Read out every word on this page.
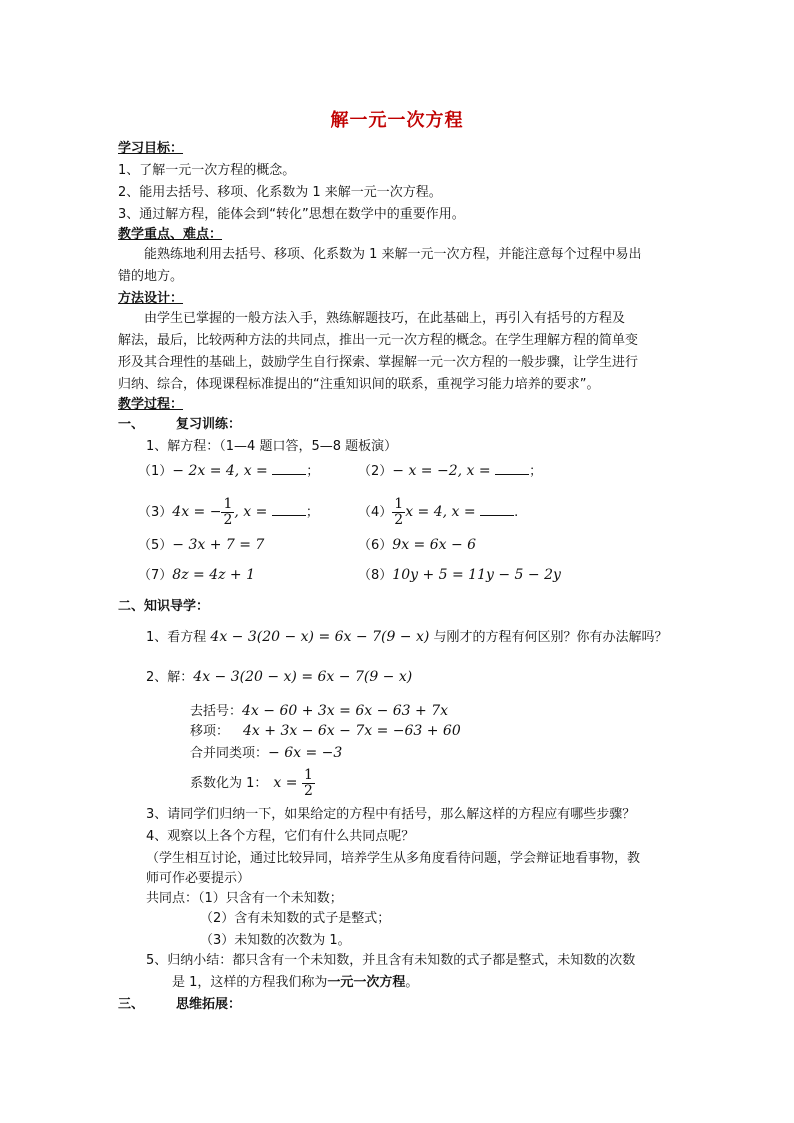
解一元一次方程
学习目标：
1、了解一元一次方程的概念。
2、能用去括号、移项、化系数为 1 来解一元一次方程。
3、通过解方程，能体会到“转化”思想在数学中的重要作用。
教学重点、难点：
能熟练地利用去括号、移项、化系数为 1 来解一元一次方程，并能注意每个过程中易出
错的地方。
方法设计：
由学生已掌握的一般方法入手，熟练解题技巧，在此基础上，再引入有括号的方程及
解法，最后，比较两种方法的共同点，推出一元一次方程的概念。在学生理解方程的简单变
形及其合理性的基础上，鼓励学生自行探索、掌握解一元一次方程的一般步骤，让学生进行
归纳、综合，体现课程标准提出的“注重知识间的联系，重视学习能力培养的要求”。
教学过程：
一、 复习训练：
1、解方程：（1—4 题口答，5—8 题板演）
（1）− 2x = 4, x =	；	（2）− x = −2, x =	；
（3）4x = − $\frac{1}{2}$ , x =	；	$(4) \frac{1}{2}$ x = 4, x =	.
（5）− 3x + 7 = 7	（6）9x = 6x − 6
（7）8z = 4z + 1	（8）10y + 5 = 11y − 5 − 2y
二、知识导学：
1、看方程 4x − 3(20 − x) = 6x − 7(9 − x) 与刚才的方程有何区别？你有办法解吗？
2、解：4x − 3(20 − x) = 6x − 7(9 − x)
去括号：4x − 60 + 3x = 6x − 63 + 7x
移项： 4x + 3x − 6x − 7x = −63 + 60
合并同类项：− 6x = −3
系数化为 1： $x = \frac{1}{2}$
3、请同学们归纳一下，如果给定的方程中有括号，那么解这样的方程应有哪些步骤？
4、观察以上各个方程，它们有什么共同点呢？
（学生相互讨论，通过比较异同，培养学生从多角度看待问题，学会辩证地看事物，教
师可作必要提示）
共同点：（1）只含有一个未知数；
（2）含有未知数的式子是整式；
（3）未知数的次数为 1。
5、归纳小结：都只含有一个未知数，并且含有未知数的式子都是整式，未知数的次数
是 1，这样的方程我们称为一元一次方程。
三、 思维拓展：
